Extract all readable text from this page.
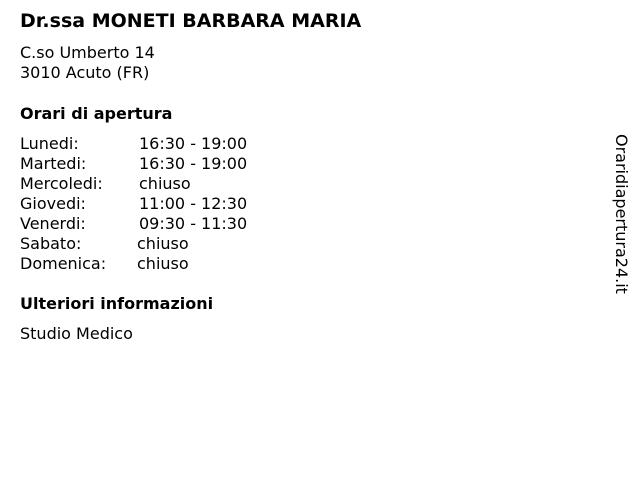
Dr.ssa MONETI BARBARA MARIA
C.so Umberto 14
3010 Acuto (FR)
Orari di apertura
Lunedi:	16:30 - 19:00
Martedi:	16:30 - 19:00
Mercoledi: chiuso
Giovedi:	11:00 - 12:30
Venerdi:	09:30 - 11:30
Sabato:	chiuso
Domenica: chiuso
Ulteriori informazioni
Studio Medico
Oraridiapertura24.it
